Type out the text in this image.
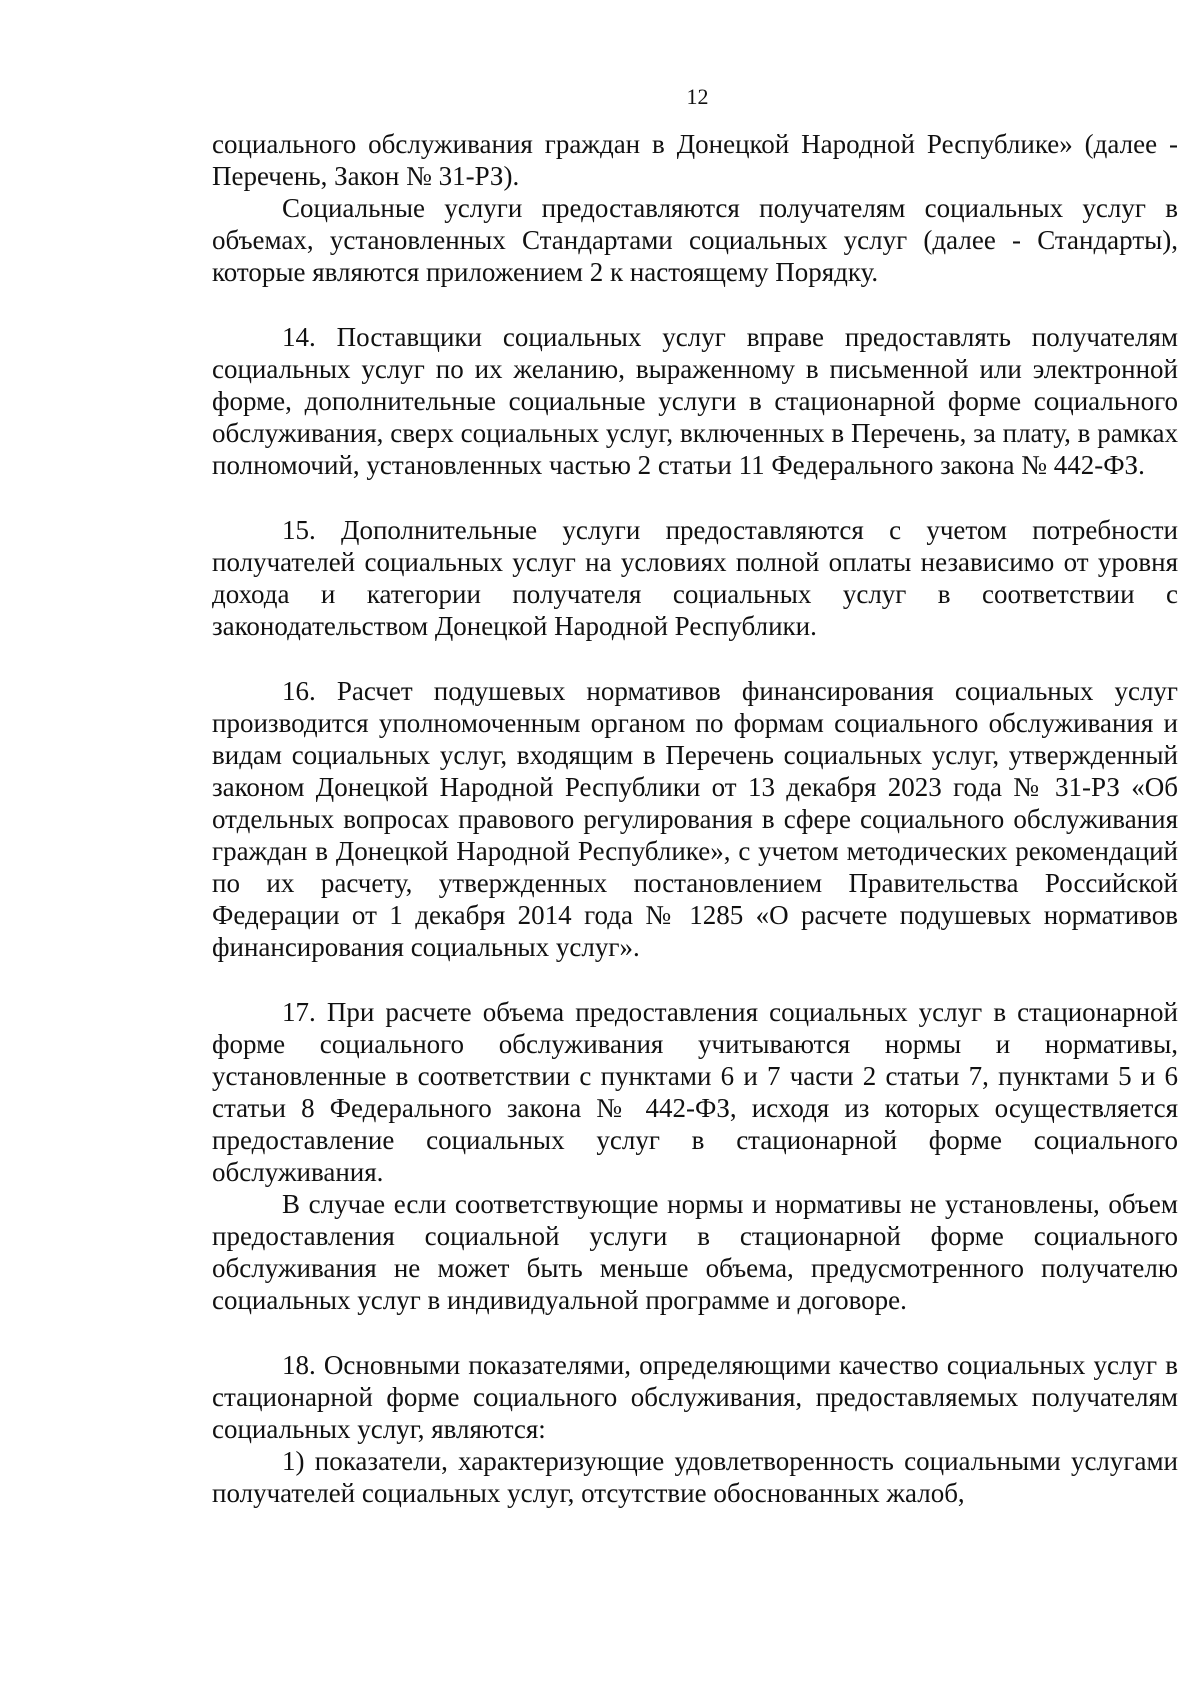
12

социального обслуживания граждан в Донецкой Народной Республике» (далее - Перечень, Закон № 31-РЗ).

Социальные услуги предоставляются получателям социальных услуг в объемах, установленных Стандартами социальных услуг (далее - Стандарты), которые являются приложением 2 к настоящему Порядку.

14. Поставщики социальных услуг вправе предоставлять получателям социальных услуг по их желанию, выраженному в письменной или электронной форме, дополнительные социальные услуги в стационарной форме социального обслуживания, сверх социальных услуг, включенных в Перечень, за плату, в рамках полномочий, установленных частью 2 статьи 11 Федерального закона № 442-ФЗ.

15. Дополнительные услуги предоставляются с учетом потребности получателей социальных услуг на условиях полной оплаты независимо от уровня дохода и категории получателя социальных услуг в соответствии с законодательством Донецкой Народной Республики.

16. Расчет подушевых нормативов финансирования социальных услуг производится уполномоченным органом по формам социального обслуживания и видам социальных услуг, входящим в Перечень социальных услуг, утвержденный законом Донецкой Народной Республики от 13 декабря 2023 года № 31-РЗ «Об отдельных вопросах правового регулирования в сфере социального обслуживания граждан в Донецкой Народной Республике», с учетом методических рекомендаций по их расчету, утвержденных постановлением Правительства Российской Федерации от 1 декабря 2014 года № 1285 «О расчете подушевых нормативов финансирования социальных услуг».

17. При расчете объема предоставления социальных услуг в стационарной форме социального обслуживания учитываются нормы и нормативы, установленные в соответствии с пунктами 6 и 7 части 2 статьи 7, пунктами 5 и 6 статьи 8 Федерального закона № 442-ФЗ, исходя из которых осуществляется предоставление социальных услуг в стационарной форме социального обслуживания.

В случае если соответствующие нормы и нормативы не установлены, объем предоставления социальной услуги в стационарной форме социального обслуживания не может быть меньше объема, предусмотренного получателю социальных услуг в индивидуальной программе и договоре.

18. Основными показателями, определяющими качество социальных услуг в стационарной форме социального обслуживания, предоставляемых получателям социальных услуг, являются:

1) показатели, характеризующие удовлетворенность социальными услугами получателей социальных услуг, отсутствие обоснованных жалоб,
